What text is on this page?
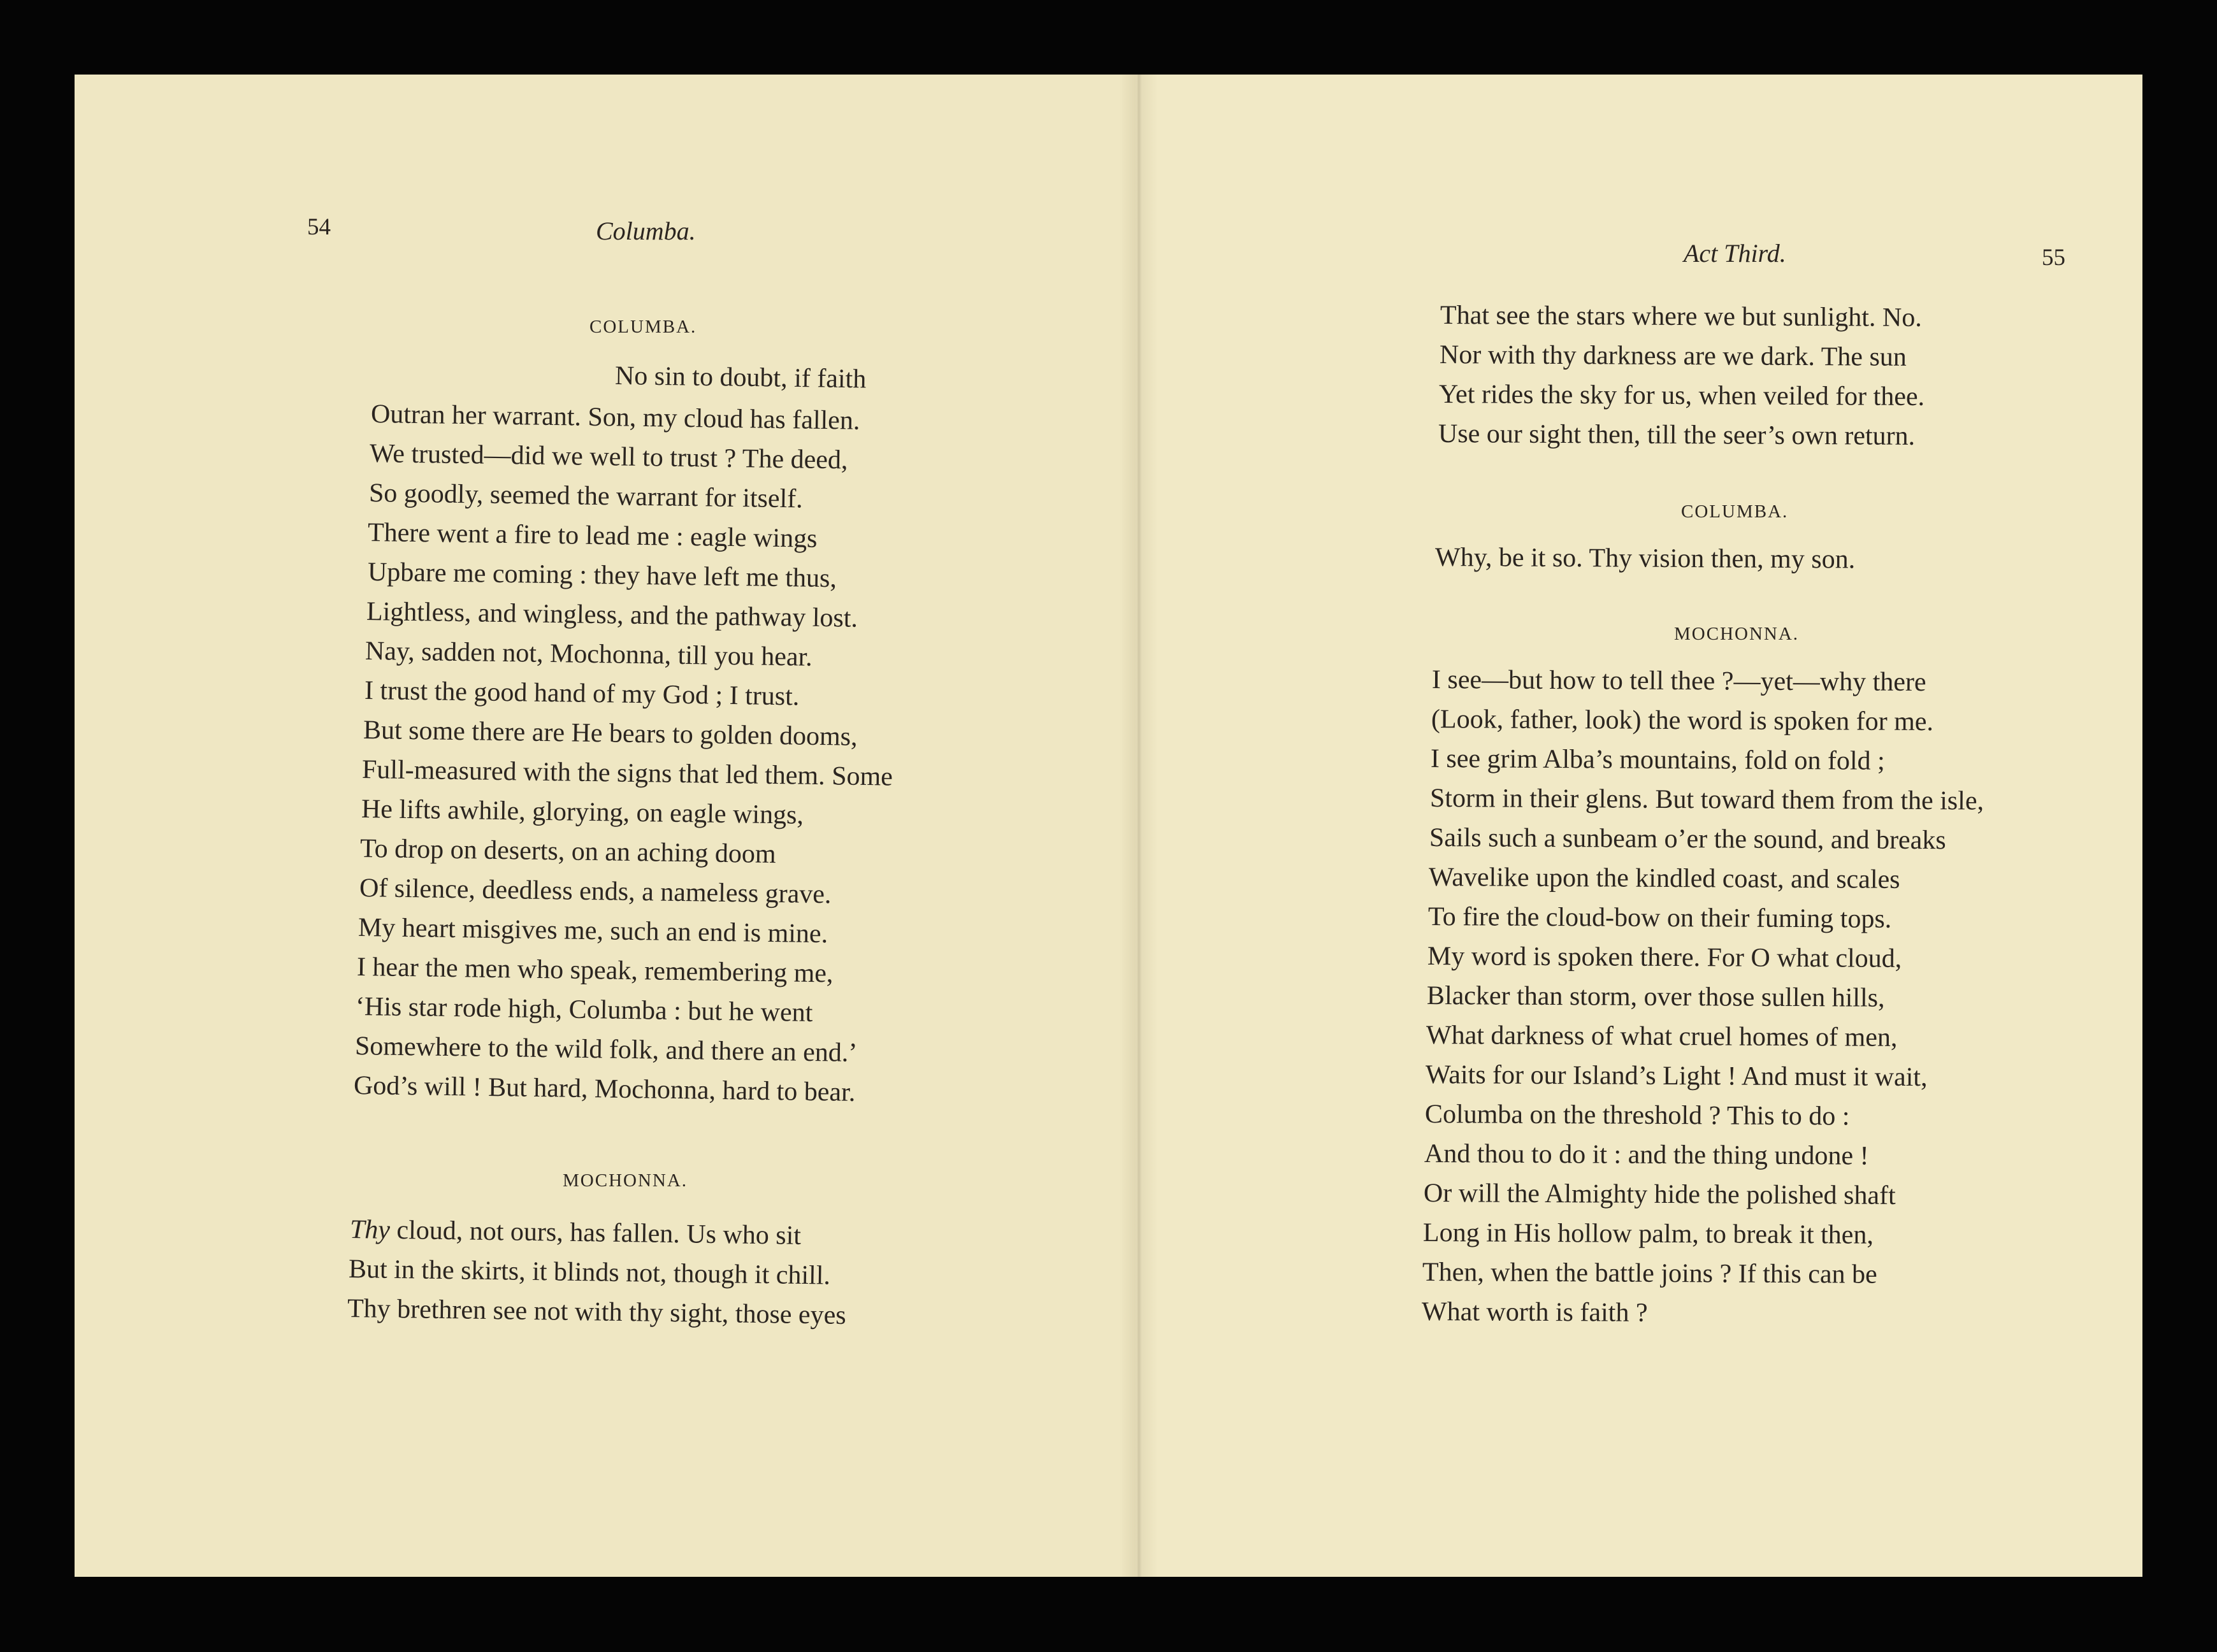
54	Columba.
COLUMBA.
No sin to doubt, if faith
Outran her warrant. Son, my cloud has fallen.
We trusted—did we well to trust ? The deed,
So goodly, seemed the warrant for itself.
There went a fire to lead me : eagle wings
Upbare me coming : they have left me thus,
Lightless, and wingless, and the pathway lost.
Nay, sadden not, Mochonna, till you hear.
I trust the good hand of my God ; I trust.
But some there are He bears to golden dooms,
Full-measured with the signs that led them. Some
He lifts awhile, glorying, on eagle wings,
To drop on deserts, on an aching doom
Of silence, deedless ends, a nameless grave.
My heart misgives me, such an end is mine.
I hear the men who speak, remembering me,
‘His star rode high, Columba : but he went
Somewhere to the wild folk, and there an end.’
God’s will ! But hard, Mochonna, hard to bear.
MOCHONNA.
Thy cloud, not ours, has fallen. Us who sit
But in the skirts, it blinds not, though it chill.
Thy brethren see not with thy sight, those eyes
Act Third.	55
That see the stars where we but sunlight. No.
Nor with thy darkness are we dark. The sun
Yet rides the sky for us, when veiled for thee.
Use our sight then, till the seer’s own return.
COLUMBA.
Why, be it so. Thy vision then, my son.
MOCHONNA.
I see—but how to tell thee ?—yet—why there
(Look, father, look) the word is spoken for me.
I see grim Alba’s mountains, fold on fold ;
Storm in their glens. But toward them from the isle,
Sails such a sunbeam o’er the sound, and breaks
Wavelike upon the kindled coast, and scales
To fire the cloud-bow on their fuming tops.
My word is spoken there. For O what cloud,
Blacker than storm, over those sullen hills,
What darkness of what cruel homes of men,
Waits for our Island’s Light ! And must it wait,
Columba on the threshold ? This to do :
And thou to do it : and the thing undone !
Or will the Almighty hide the polished shaft
Long in His hollow palm, to break it then,
Then, when the battle joins ? If this can be
What worth is faith ?
